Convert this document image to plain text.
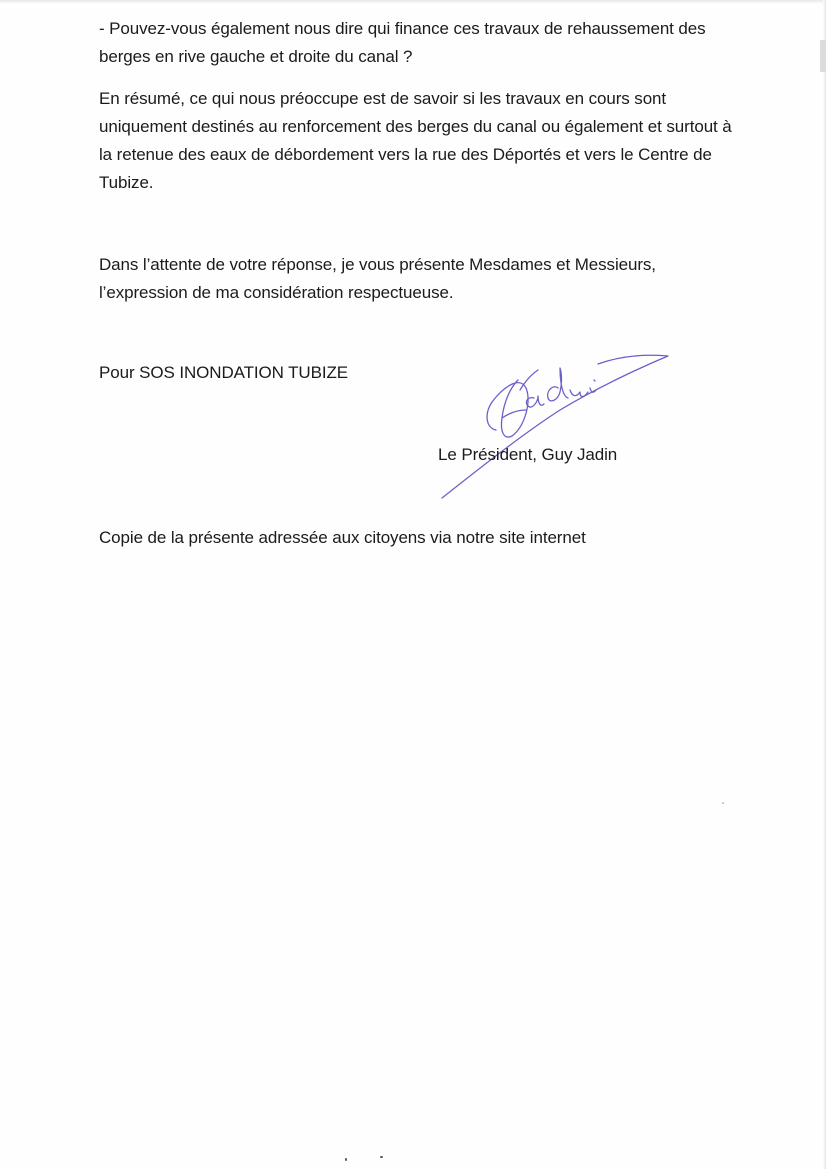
- Pouvez-vous également nous dire qui finance ces travaux de rehaussement des berges en rive gauche et droite du canal ?

En résumé, ce qui nous préoccupe est de savoir si les travaux en cours sont uniquement destinés au renforcement des berges du canal ou également et surtout à la retenue des eaux de débordement vers la rue des Déportés et vers le Centre de Tubize.

Dans l’attente de votre réponse, je vous présente Mesdames et Messieurs, l’expression de ma considération respectueuse.

Pour SOS INONDATION TUBIZE

Le Président, Guy Jadin

Copie de la présente adressée aux citoyens via notre site internet
